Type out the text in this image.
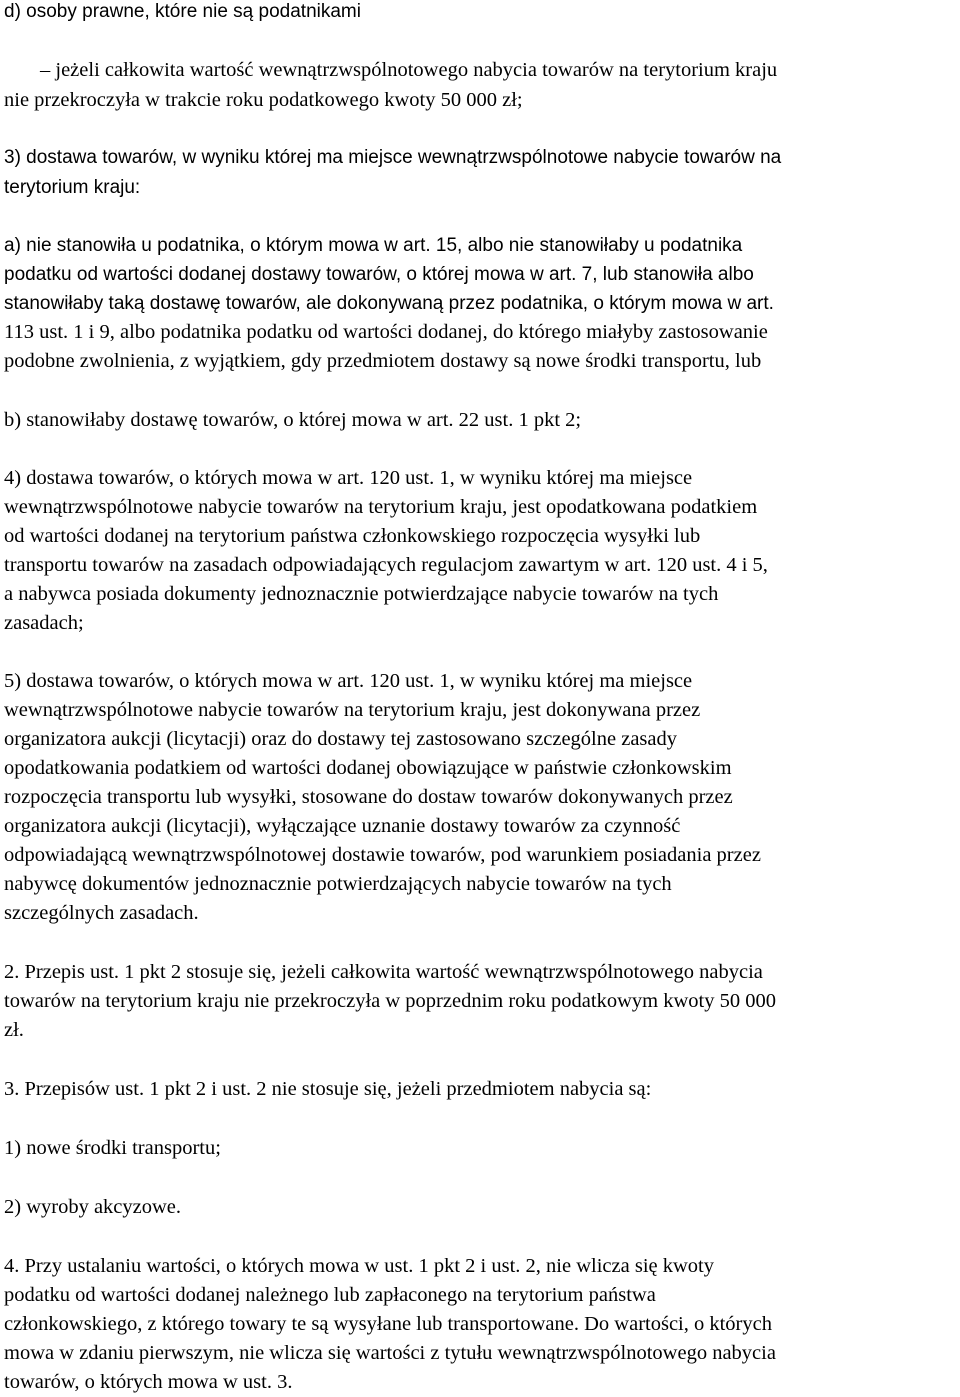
d) osoby prawne, które nie są podatnikami
– jeżeli całkowita wartość wewnątrzwspólnotowego nabycia towarów na terytorium kraju
nie przekroczyła w trakcie roku podatkowego kwoty 50 000 zł;
3) dostawa towarów, w wyniku której ma miejsce wewnątrzwspólnotowe nabycie towarów na
terytorium kraju:
a) nie stanowiła u podatnika, o którym mowa w art. 15, albo nie stanowiłaby u podatnika
podatku od wartości dodanej dostawy towarów, o której mowa w art. 7, lub stanowiła albo
stanowiłaby taką dostawę towarów, ale dokonywaną przez podatnika, o którym mowa w art.
113 ust. 1 i 9, albo podatnika podatku od wartości dodanej, do którego miałyby zastosowanie
podobne zwolnienia, z wyjątkiem, gdy przedmiotem dostawy są nowe środki transportu, lub
b) stanowiłaby dostawę towarów, o której mowa w art. 22 ust. 1 pkt 2;
4) dostawa towarów, o których mowa w art. 120 ust. 1, w wyniku której ma miejsce
wewnątrzwspólnotowe nabycie towarów na terytorium kraju, jest opodatkowana podatkiem
od wartości dodanej na terytorium państwa członkowskiego rozpoczęcia wysyłki lub
transportu towarów na zasadach odpowiadających regulacjom zawartym w art. 120 ust. 4 i 5,
a nabywca posiada dokumenty jednoznacznie potwierdzające nabycie towarów na tych
zasadach;
5) dostawa towarów, o których mowa w art. 120 ust. 1, w wyniku której ma miejsce
wewnątrzwspólnotowe nabycie towarów na terytorium kraju, jest dokonywana przez
organizatora aukcji (licytacji) oraz do dostawy tej zastosowano szczególne zasady
opodatkowania podatkiem od wartości dodanej obowiązujące w państwie członkowskim
rozpoczęcia transportu lub wysyłki, stosowane do dostaw towarów dokonywanych przez
organizatora aukcji (licytacji), wyłączające uznanie dostawy towarów za czynność
odpowiadającą wewnątrzwspólnotowej dostawie towarów, pod warunkiem posiadania przez
nabywcę dokumentów jednoznacznie potwierdzających nabycie towarów na tych
szczególnych zasadach.
2. Przepis ust. 1 pkt 2 stosuje się, jeżeli całkowita wartość wewnątrzwspólnotowego nabycia
towarów na terytorium kraju nie przekroczyła w poprzednim roku podatkowym kwoty 50 000
zł.
3. Przepisów ust. 1 pkt 2 i ust. 2 nie stosuje się, jeżeli przedmiotem nabycia są:
1) nowe środki transportu;
2) wyroby akcyzowe.
4. Przy ustalaniu wartości, o których mowa w ust. 1 pkt 2 i ust. 2, nie wlicza się kwoty
podatku od wartości dodanej należnego lub zapłaconego na terytorium państwa
członkowskiego, z którego towary te są wysyłane lub transportowane. Do wartości, o których
mowa w zdaniu pierwszym, nie wlicza się wartości z tytułu wewnątrzwspólnotowego nabycia
towarów, o których mowa w ust. 3.
